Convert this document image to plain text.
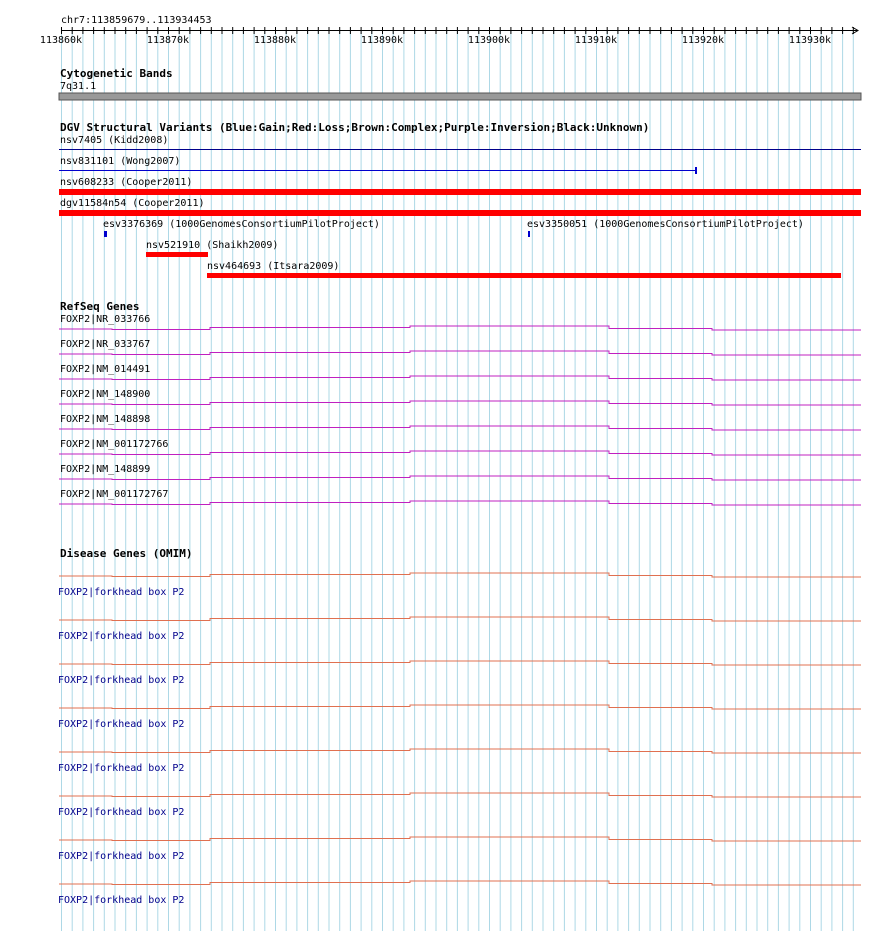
chr7:113859679..113934453
113860k	113870k	113880k	113890k	113900k	113910k	113920k	113930k
Cytogenetic Bands
7q31.1
DGV Structural Variants (Blue:Gain;Red:Loss;Brown:Complex;Purple:Inversion;Black:Unknown)
nsv7405 (Kidd2008)
nsv831101 (Wong2007)
nsv608233 (Cooper2011)
dgv11584n54 (Cooper2011)
esv3376369 (1000GenomesConsortiumPilotProject)	esv3350051 (1000GenomesConsortiumPilotProject)
nsv521910 (Shaikh2009)
nsv464693 (Itsara2009)
RefSeq Genes
FOXP2|NR_033766
FOXP2|NR_033767
FOXP2|NM_014491
FOXP2|NM_148900
FOXP2|NM_148898
FOXP2|NM_001172766
FOXP2|NM_148899
FOXP2|NM_001172767
Disease Genes (OMIM)
FOXP2|forkhead box P2
FOXP2|forkhead box P2
FOXP2|forkhead box P2
FOXP2|forkhead box P2
FOXP2|forkhead box P2
FOXP2|forkhead box P2
FOXP2|forkhead box P2
FOXP2|forkhead box P2
